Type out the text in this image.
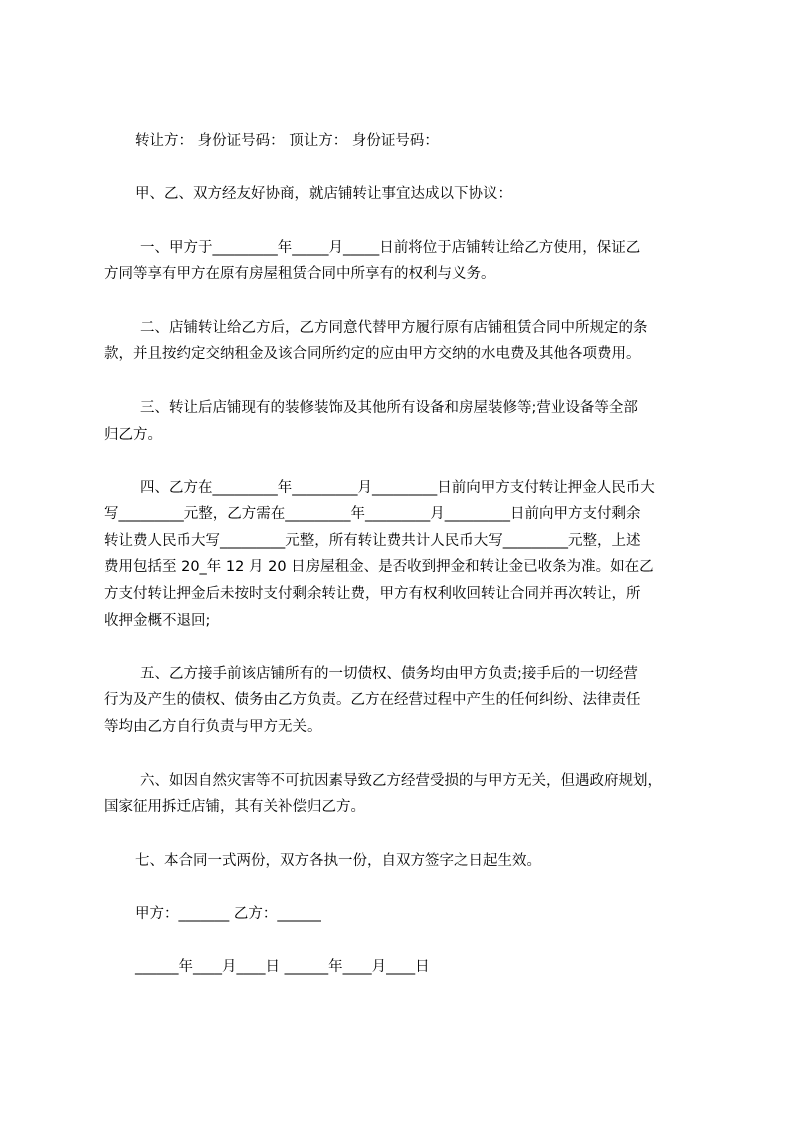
转让方： 身份证号码： 顶让方： 身份证号码：
甲、乙、双方经友好协商，就店铺转让事宜达成以下协议：
一、甲方于_________年_____月_____日前将位于店铺转让给乙方使用，保证乙
方同等享有甲方在原有房屋租赁合同中所享有的权利与义务。
二、店铺转让给乙方后，乙方同意代替甲方履行原有店铺租赁合同中所规定的条
款，并且按约定交纳租金及该合同所约定的应由甲方交纳的水电费及其他各项费用。
三、转让后店铺现有的装修装饰及其他所有设备和房屋装修等;营业设备等全部
归乙方。
四、乙方在_________年_________月_________日前向甲方支付转让押金人民币大
写_________元整，乙方需在_________年_________月_________日前向甲方支付剩余
转让费人民币大写_________元整，所有转让费共计人民币大写_________元整，上述
费用包括至 20_年 12 月 20 日房屋租金、是否收到押金和转让金已收条为准。如在乙
方支付转让押金后未按时支付剩余转让费，甲方有权利收回转让合同并再次转让，所
收押金概不退回;
五、乙方接手前该店铺所有的一切债权、债务均由甲方负责;接手后的一切经营
行为及产生的债权、债务由乙方负责。乙方在经营过程中产生的任何纠纷、法律责任
等均由乙方自行负责与甲方无关。
六、如因自然灾害等不可抗因素导致乙方经营受损的与甲方无关，但遇政府规划，
国家征用拆迁店铺，其有关补偿归乙方。
七、本合同一式两份，双方各执一份，自双方签字之日起生效。
甲方：_______ 乙方：______
______年____月____日 ______年____月____日
